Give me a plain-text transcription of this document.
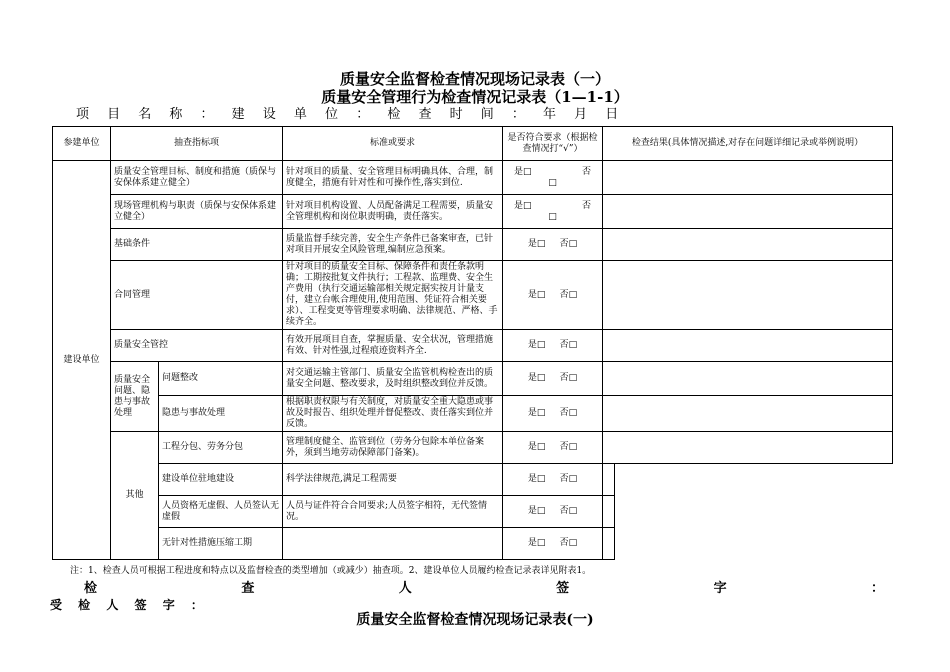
质量安全监督检查情况现场记录表（一）
质量安全管理行为检查情况记录表（1—1-1）
项 目 名 称 ： 建 设 单 位 ： 检 查 时 间 ： 年 月 日
参建单位	抽查指标项		标准或要求	是否符合要求（根据检查情况打“√”）	检查结果(具体情况描述,对存在问题详细记录或举例说明）	
建设单位	质量安全管理目标、制度和措施（质保与安保体系建立健全）		针对项目的质量、安全管理目标明确具体、合理，制度健全，措施有针对性和可操作性,落实到位.	是□ 否
□		

	现场管理机构与职责（质保与安保体系建立健全）		针对项目机构设置、人员配备满足工程需要，质量安全管理机构和岗位职责明确，责任落实。	是□ 否
□		

	基础条件		质量监督手续完善，安全生产条件已备案审查，已针对项目开展安全风险管理,编制应急预案。	是□ 否□		
	合同管理		针对项目的质量安全目标、保障条件和责任条款明确；工期按批复文件执行；工程款、监理费、安全生产费用（执行交通运输部相关规定据实按月计量支付，建立台帐合理使用,使用范围、凭证符合相关要求）、工程变更等管理要求明确、法律规范、严格、手续齐全。	是□ 否□		
	质量安全管控		有效开展项目自查，掌握质量、安全状况，管理措施有效、针对性强,过程痕迹资料齐全.	是□ 否□		
	质量安全问题、隐患与事故处理	问题整改	对交通运输主管部门、质量安全监管机构检查出的质量安全问题、整改要求，及时组织整改到位并反馈。	是□ 否□		
		隐患与事故处理	根据职责权限与有关制度，对质量安全重大隐患或事故及时报告、组织处理并督促整改、责任落实到位并反馈。	是□ 否□		
	其他	工程分包、劳务分包	管理制度健全、监管到位（劳务分包除本单位备案外，须到当地劳动保障部门备案)。	是□ 否□		
		建设单位驻地建设	科学法律规范,满足工程需要	是□ 否□		
		人员资格无虚假、人员签认无虚假	人员与证件符合合同要求;人员签字相符，无代签情况。	是□ 否□		
		无针对性措施压缩工期		是□ 否□		
注：1、检查人员可根据工程进度和特点以及监督检查的类型增加（或减少）抽查项。2、建设单位人员履约检查记录表详见附表1。
检	查	人	签	字	：
受 检 人 签 字 ：
质量安全监督检查情况现场记录表(一)
